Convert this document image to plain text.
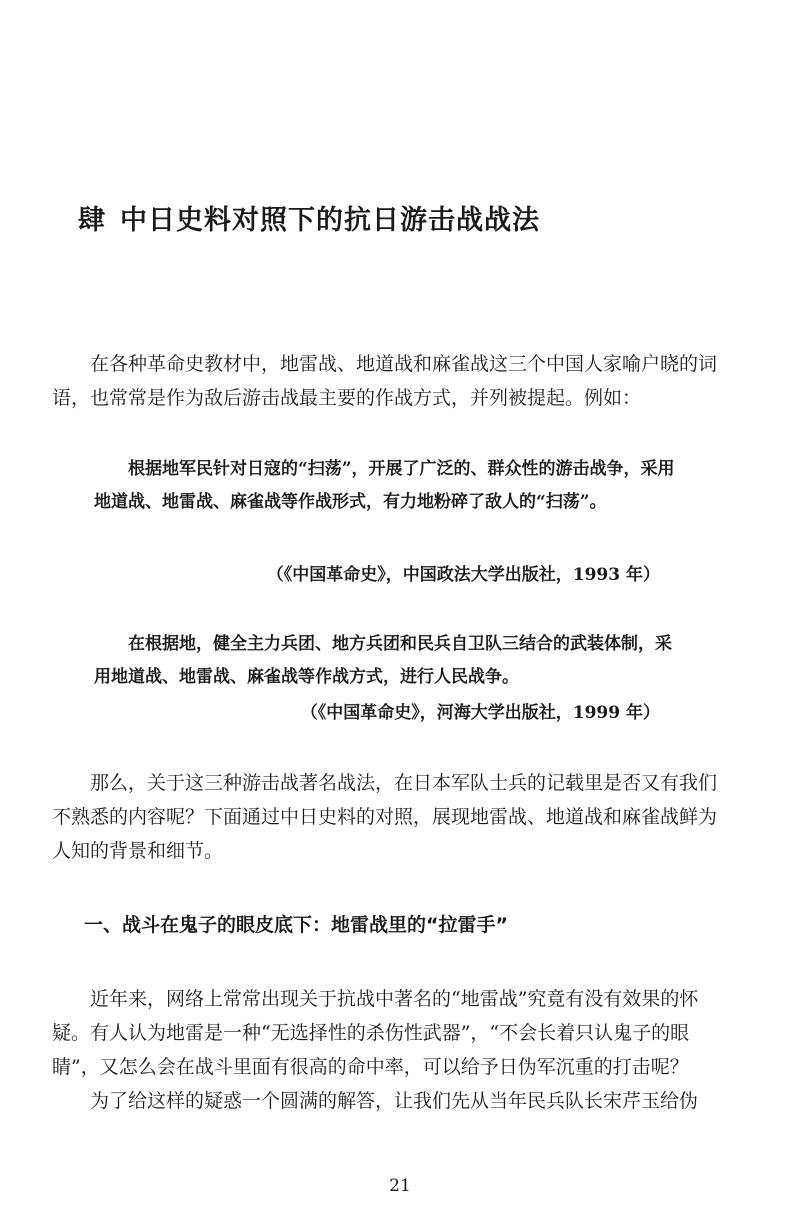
肆 中日史料对照下的抗日游击战战法

在各种革命史教材中，地雷战、地道战和麻雀战这三个中国人家喻户晓的词语，也常常是作为敌后游击战最主要的作战方式，并列被提起。例如：

根据地军民针对日寇的“扫荡”，开展了广泛的、群众性的游击战争，采用地道战、地雷战、麻雀战等作战形式，有力地粉碎了敌人的“扫荡”。

（《中国革命史》，中国政法大学出版社，1993 年）

在根据地，健全主力兵团、地方兵团和民兵自卫队三结合的武装体制，采用地道战、地雷战、麻雀战等作战方式，进行人民战争。

（《中国革命史》，河海大学出版社，1999 年）

那么，关于这三种游击战著名战法，在日本军队士兵的记载里是否又有我们不熟悉的内容呢？下面通过中日史料的对照，展现地雷战、地道战和麻雀战鲜为人知的背景和细节。

一、战斗在鬼子的眼皮底下：地雷战里的“拉雷手”

近年来，网络上常常出现关于抗战中著名的“地雷战”究竟有没有效果的怀疑。有人认为地雷是一种“无选择性的杀伤性武器”，“不会长着只认鬼子的眼睛”，又怎么会在战斗里面有很高的命中率，可以给予日伪军沉重的打击呢？

为了给这样的疑惑一个圆满的解答，让我们先从当年民兵队长宋芹玉给伪

21
